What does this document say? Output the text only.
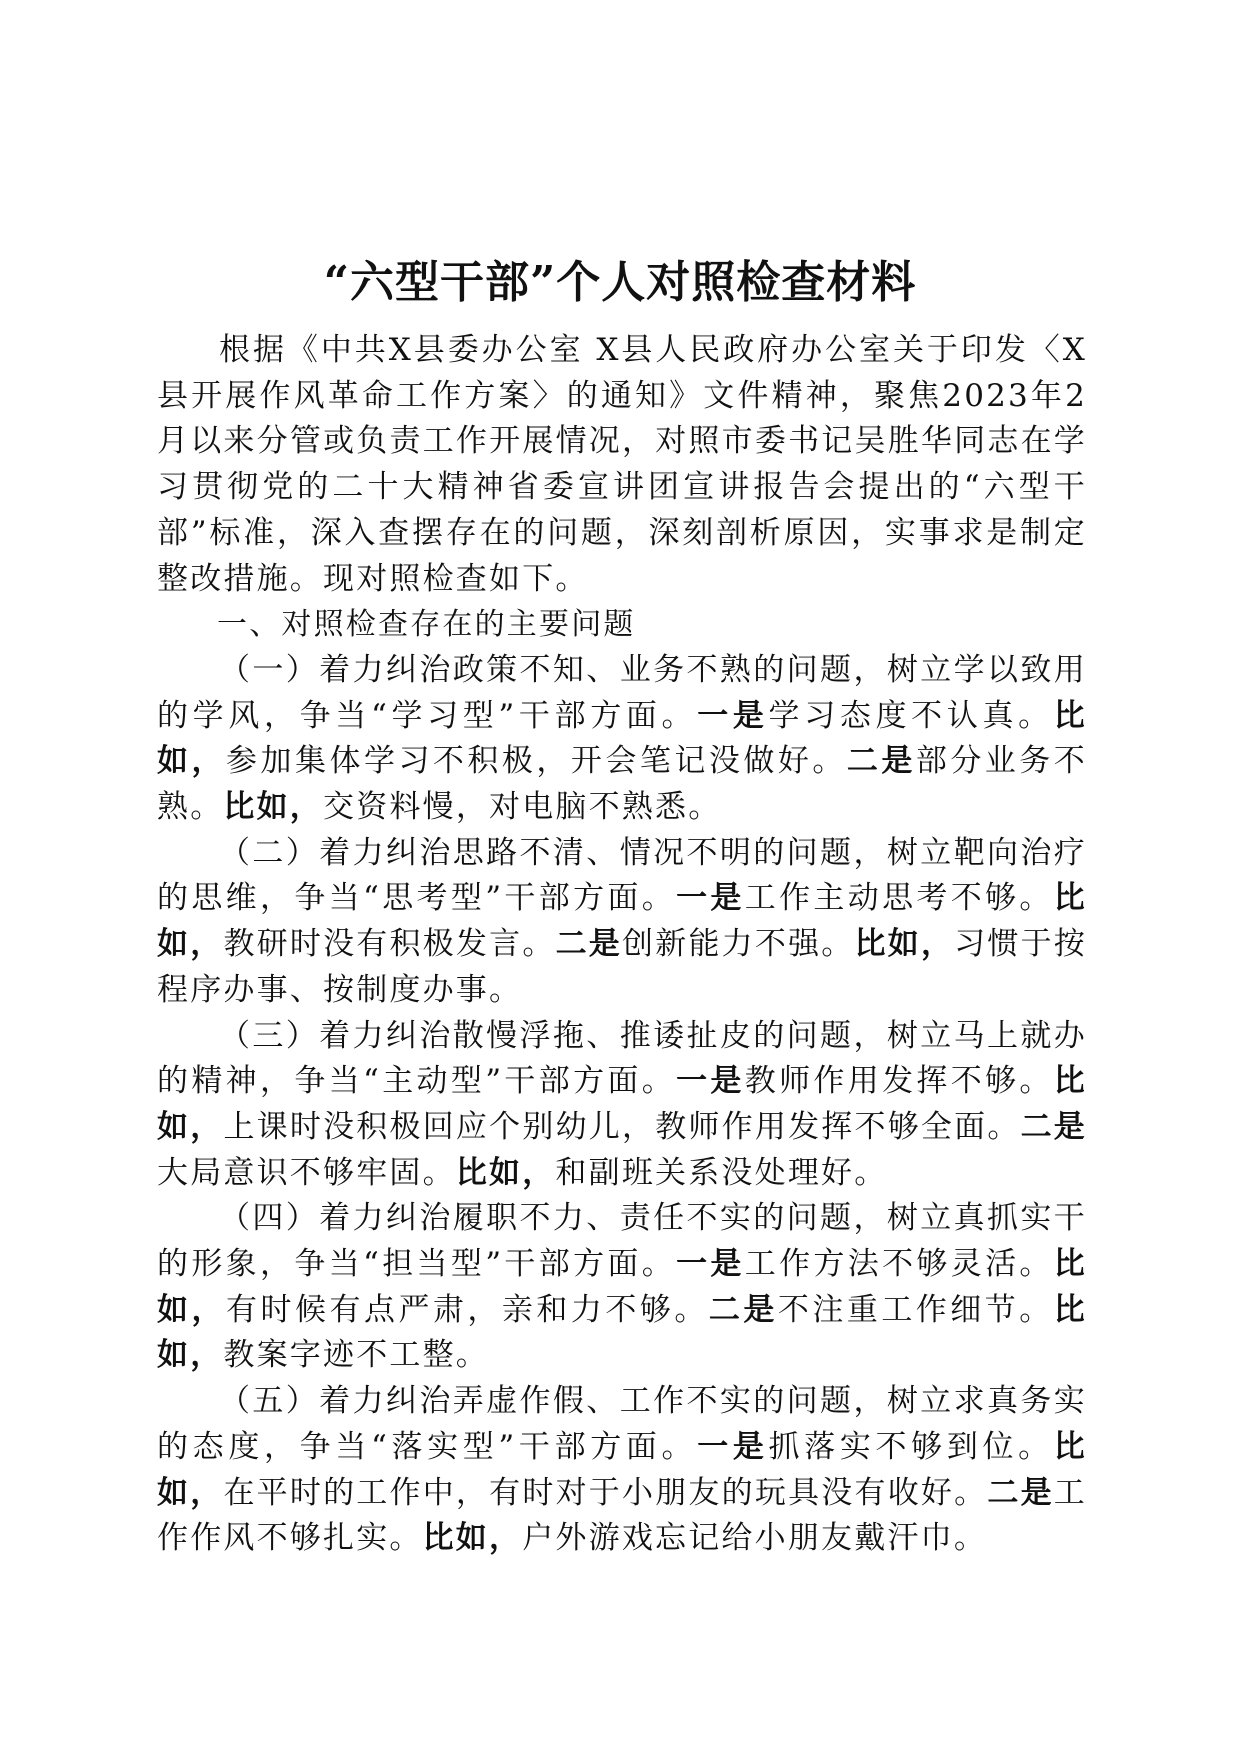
“六型干部”个人对照检查材料

根据《中共X县委办公室 X县人民政府办公室关于印发〈X县开展作风革命工作方案〉的通知》文件精神，聚焦2023年2月以来分管或负责工作开展情况，对照市委书记吴胜华同志在学习贯彻党的二十大精神省委宣讲团宣讲报告会提出的“六型干部”标准，深入查摆存在的问题，深刻剖析原因，实事求是制定整改措施。现对照检查如下。

一、对照检查存在的主要问题

（一）着力纠治政策不知、业务不熟的问题，树立学以致用的学风，争当“学习型”干部方面。一是学习态度不认真。比如，参加集体学习不积极，开会笔记没做好。二是部分业务不熟。比如，交资料慢，对电脑不熟悉。

（二）着力纠治思路不清、情况不明的问题，树立靶向治疗的思维，争当“思考型”干部方面。一是工作主动思考不够。比如，教研时没有积极发言。二是创新能力不强。比如，习惯于按程序办事、按制度办事。

（三）着力纠治散慢浮拖、推诿扯皮的问题，树立马上就办的精神，争当“主动型”干部方面。一是教师作用发挥不够。比如，上课时没积极回应个别幼儿，教师作用发挥不够全面。二是大局意识不够牢固。比如，和副班关系没处理好。

（四）着力纠治履职不力、责任不实的问题，树立真抓实干的形象，争当“担当型”干部方面。一是工作方法不够灵活。比如，有时候有点严肃，亲和力不够。二是不注重工作细节。比如，教案字迹不工整。

（五）着力纠治弄虚作假、工作不实的问题，树立求真务实的态度，争当“落实型”干部方面。一是抓落实不够到位。比如，在平时的工作中，有时对于小朋友的玩具没有收好。二是工作作风不够扎实。比如，户外游戏忘记给小朋友戴汗巾。
